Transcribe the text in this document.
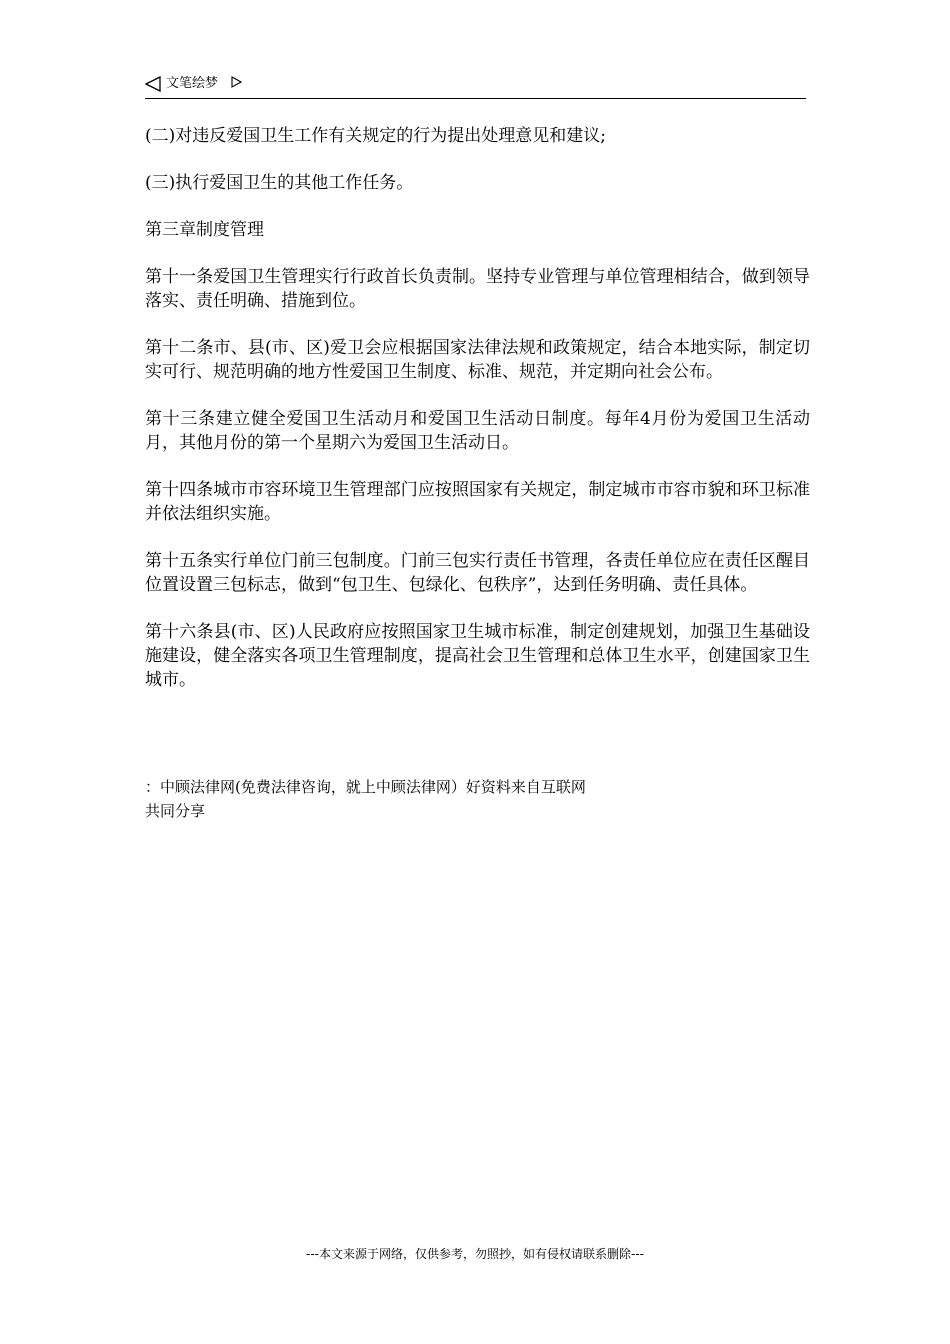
文笔绘梦

(二)对违反爱国卫生工作有关规定的行为提出处理意见和建议;

(三)执行爱国卫生的其他工作任务。

第三章制度管理

第十一条爱国卫生管理实行行政首长负责制。坚持专业管理与单位管理相结合，做到领导落实、责任明确、措施到位。

第十二条市、县(市、区)爱卫会应根据国家法律法规和政策规定，结合本地实际，制定切实可行、规范明确的地方性爱国卫生制度、标准、规范，并定期向社会公布。

第十三条建立健全爱国卫生活动月和爱国卫生活动日制度。每年4月份为爱国卫生活动月，其他月份的第一个星期六为爱国卫生活动日。

第十四条城市市容环境卫生管理部门应按照国家有关规定，制定城市市容市貌和环卫标准并依法组织实施。

第十五条实行单位门前三包制度。门前三包实行责任书管理，各责任单位应在责任区醒目位置设置三包标志，做到“包卫生、包绿化、包秩序”，达到任务明确、责任具体。

第十六条县(市、区)人民政府应按照国家卫生城市标准，制定创建规划，加强卫生基础设施建设，健全落实各项卫生管理制度，提高社会卫生管理和总体卫生水平，创建国家卫生城市。

：中顾法律网(免费法律咨询，就上中顾法律网）好资料来自互联网
共同分享
---本文来源于网络，仅供参考，勿照抄，如有侵权请联系删除---
